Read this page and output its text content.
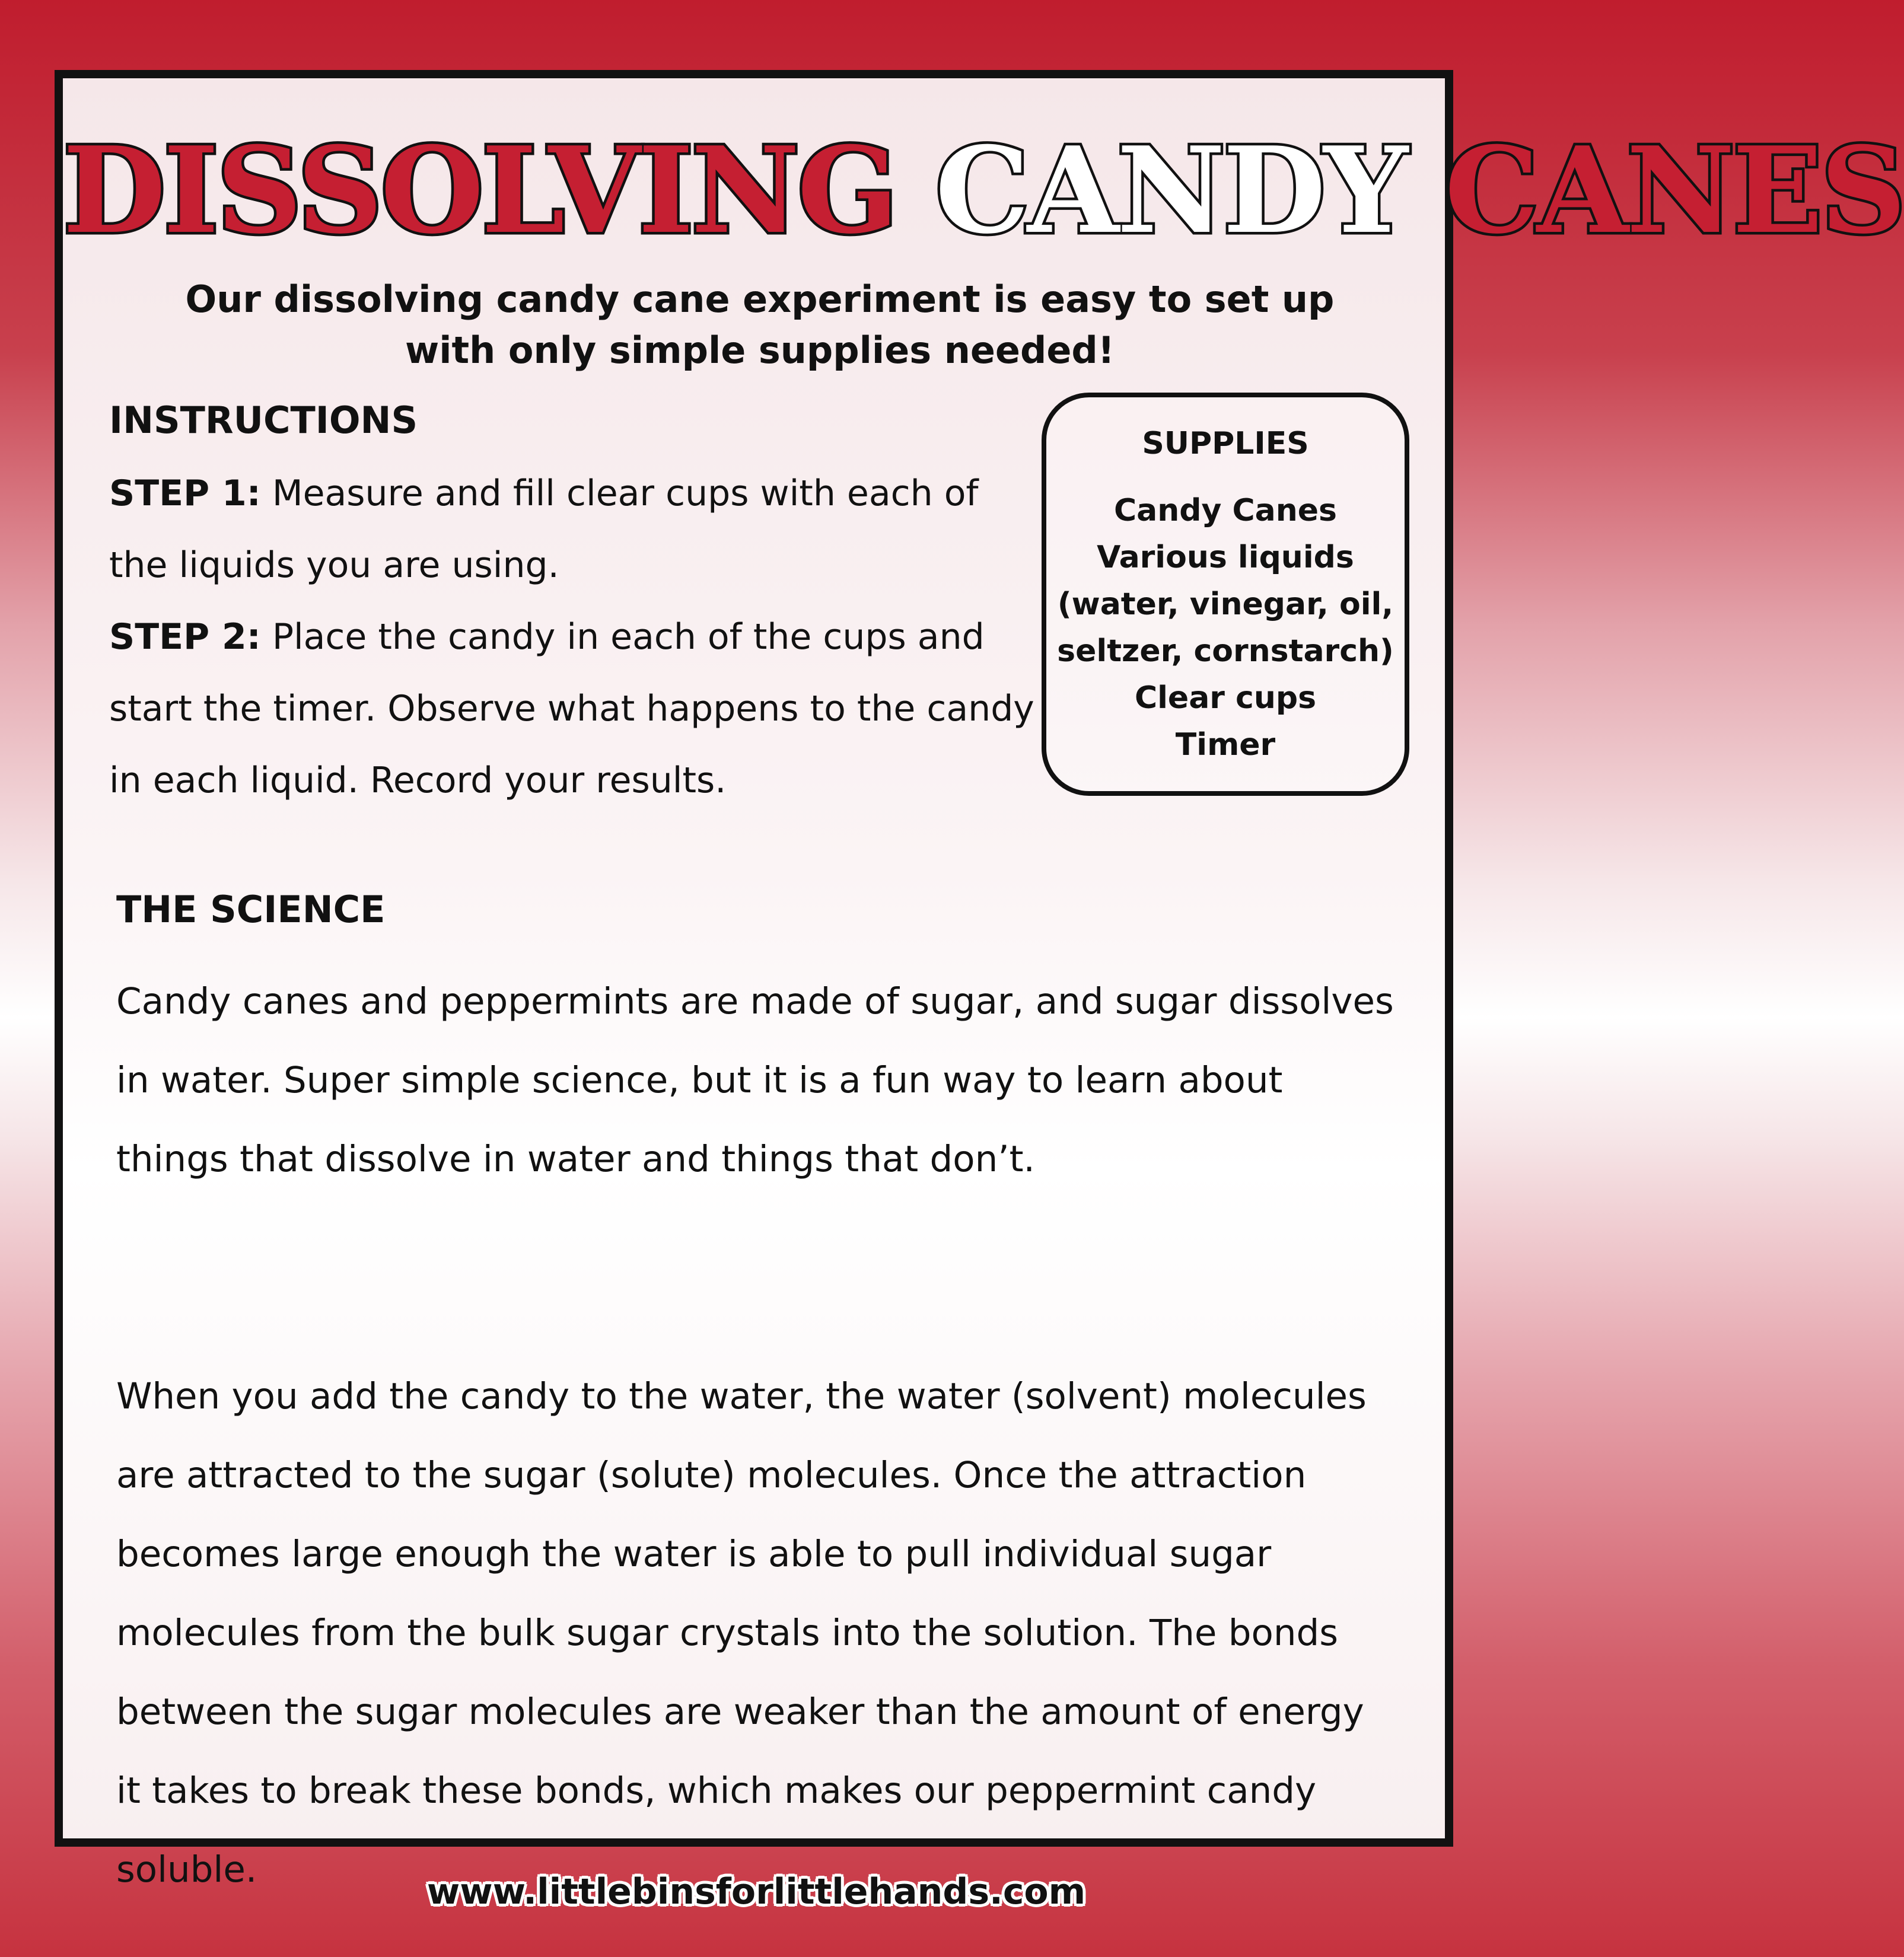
DISSOLVING CANDY CANES

Our dissolving candy cane experiment is easy to set up with only simple supplies needed!

INSTRUCTIONS

STEP 1: Measure and fill clear cups with each of the liquids you are using.

STEP 2: Place the candy in each of the cups and start the timer. Observe what happens to the candy in each liquid. Record your results.

SUPPLIES
Candy Canes
Various liquids
(water, vinegar, oil,
seltzer, cornstarch)
Clear cups
Timer
THE SCIENCE

Candy canes and peppermints are made of sugar, and sugar dissolves in water. Super simple science, but it is a fun way to learn about things that dissolve in water and things that don’t.

When you add the candy to the water, the water (solvent) molecules are attracted to the sugar (solute) molecules. Once the attraction becomes large enough the water is able to pull individual sugar molecules from the bulk sugar crystals into the solution. The bonds between the sugar molecules are weaker than the amount of energy it takes to break these bonds, which makes our peppermint candy soluble.

www.littlebinsforlittlehands.com
